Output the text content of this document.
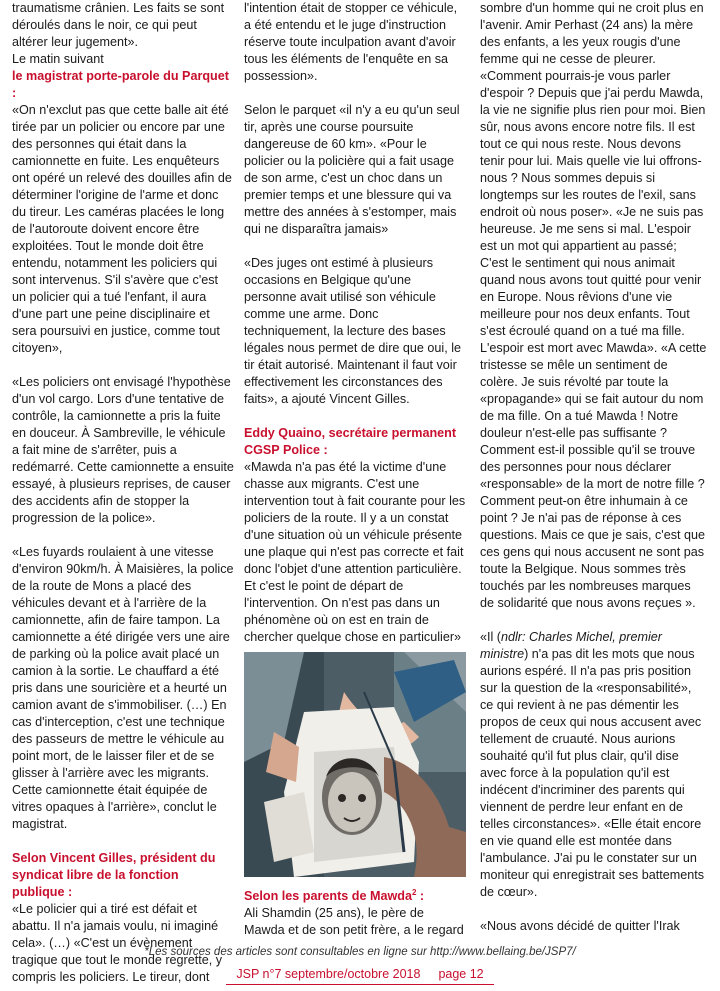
traumatisme crânien. Les faits se sont déroulés dans le noir, ce qui peut altérer leur jugement».

Le matin suivant

le magistrat porte-parole du Parquet :

«On n'exclut pas que cette balle ait été tirée par un policier ou encore par une des personnes qui était dans la camionnette en fuite. Les enquêteurs ont opéré un relevé des douilles afin de déterminer l'origine de l'arme et donc du tireur. Les caméras placées le long de l'autoroute doivent encore être exploitées. Tout le monde doit être entendu, notamment les policiers qui sont intervenus. S'il s'avère que c'est un policier qui a tué l'enfant, il aura d'une part une peine disciplinaire et sera poursuivi en justice, comme tout citoyen»,

«Les policiers ont envisagé l'hypothèse d'un vol cargo. Lors d'une tentative de contrôle, la camionnette a pris la fuite en douceur. À Sambreville, le véhicule a fait mine de s'arrêter, puis a redémarré. Cette camionnette a ensuite essayé, à plusieurs reprises, de causer des accidents afin de stopper la progression de la police».

«Les fuyards roulaient à une vitesse d'environ 90km/h. À Maisières, la police de la route de Mons a placé des véhicules devant et à l'arrière de la camionnette, afin de faire tampon. La camionnette a été dirigée vers une aire de parking où la police avait placé un camion à la sortie. Le chauffard a été pris dans une souricière et a heurté un camion avant de s'immobiliser. (…) En cas d'interception, c'est une technique des passeurs de mettre le véhicule au point mort, de le laisser filer et de se glisser à l'arrière avec les migrants. Cette camionnette était équipée de vitres opaques à l'arrière», conclut le magistrat.

Selon Vincent Gilles, président du syndicat libre de la fonction publique :

«Le policier qui a tiré est défait et abattu. Il n'a jamais voulu, ni imaginé cela». (…) «C'est un évènement tragique que tout le monde regrette, y compris les policiers. Le tireur, dont

l'intention était de stopper ce véhicule, a été entendu et le juge d'instruction réserve toute inculpation avant d'avoir tous les éléments de l'enquête en sa possession».

Selon le parquet «il n'y a eu qu'un seul tir, après une course poursuite dangereuse de 60 km». «Pour le policier ou la policière qui a fait usage de son arme, c'est un choc dans un premier temps et une blessure qui va mettre des années à s'estomper, mais qui ne disparaîtra jamais»

«Des juges ont estimé à plusieurs occasions en Belgique qu'une personne avait utilisé son véhicule comme une arme. Donc techniquement, la lecture des bases légales nous permet de dire que oui, le tir était autorisé. Maintenant il faut voir effectivement les circonstances des faits», a ajouté Vincent Gilles.

Eddy Quaino, secrétaire permanent CGSP Police :

«Mawda n'a pas été la victime d'une chasse aux migrants. C'est une intervention tout à fait courante pour les policiers de la route. Il y a un constat d'une situation où un véhicule présente une plaque qui n'est pas correcte et fait donc l'objet d'une attention particulière. Et c'est le point de départ de l'intervention. On n'est pas dans un phénomène où on est en train de chercher quelque chose en particulier»

Selon les parents de Mawda$^2$ :

Ali Shamdin (25 ans), le père de Mawda et de son petit frère, a le regard

sombre d'un homme qui ne croit plus en l'avenir. Amir Perhast (24 ans) la mère des enfants, a les yeux rougis d'une femme qui ne cesse de pleurer. «Comment pourrais-je vous parler d'espoir ? Depuis que j'ai perdu Mawda, la vie ne signifie plus rien pour moi. Bien sûr, nous avons encore notre fils. Il est tout ce qui nous reste. Nous devons tenir pour lui. Mais quelle vie lui offrons-nous ? Nous sommes depuis si longtemps sur les routes de l'exil, sans endroit où nous poser». «Je ne suis pas heureuse. Je me sens si mal. L'espoir est un mot qui appartient au passé; C'est le sentiment qui nous animait quand nous avons tout quitté pour venir en Europe. Nous rêvions d'une vie meilleure pour nos deux enfants. Tout s'est écroulé quand on a tué ma fille. L'espoir est mort avec Mawda». «A cette tristesse se mêle un sentiment de colère. Je suis révolté par toute la «propagande» qui se fait autour du nom de ma fille. On a tué Mawda ! Notre douleur n'est-elle pas suffisante ? Comment est-il possible qu'il se trouve des personnes pour nous déclarer «responsable» de la mort de notre fille ? Comment peut-on être inhumain à ce point ? Je n'ai pas de réponse à ces questions. Mais ce que je sais, c'est que ces gens qui nous accusent ne sont pas toute la Belgique. Nous sommes très touchés par les nombreuses marques de solidarité que nous avons reçues ».

«Il (ndlr: Charles Michel, premier ministre) n'a pas dit les mots que nous aurions espéré. Il n'a pas pris position sur la question de la «responsabilité», ce qui revient à ne pas démentir les propos de ceux qui nous accusent avec tellement de cruauté. Nous aurions souhaité qu'il fut plus clair, qu'il dise avec force à la population qu'il est indécent d'incriminer des parents qui viennent de perdre leur enfant en de telles circonstances». «Elle était encore en vie quand elle est montée dans l'ambulance. J'ai pu le constater sur un moniteur qui enregistrait ses battements de cœur».

«Nous avons décidé de quitter l'Irak

*Les sources des articles sont consultables en ligne sur http://www.bellaing.be/JSP7/
JSP n°7 septembre/octobre 2018 page 12
